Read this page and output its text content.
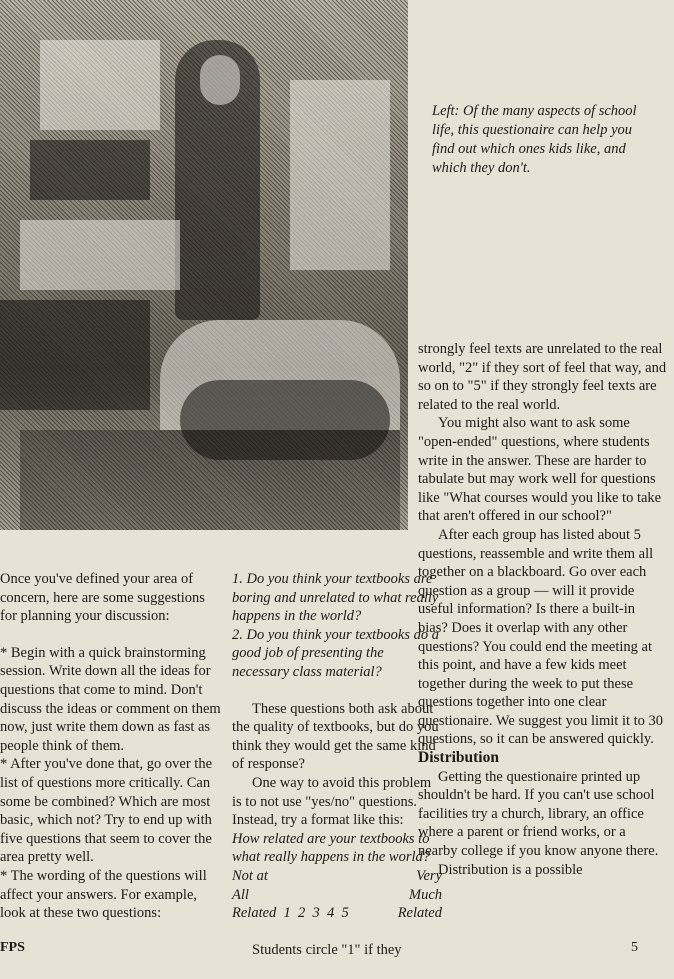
Left: Of the many aspects of school life, this questionaire can help you find out which ones kids like, and which they don't.

Once you've defined your area of concern, here are some suggestions for planning your discussion:

* Begin with a quick brainstorming session. Write down all the ideas for questions that come to mind. Don't discuss the ideas or comment on them now, just write them down as fast as people think of them.

* After you've done that, go over the list of questions more critically. Can some be combined? Which are most basic, which not? Try to end up with five questions that seem to cover the area pretty well.

* The wording of the questions will affect your answers. For example, look at these two questions:

1. Do you think your textbooks are boring and unrelated to what really happens in the world?

2. Do you think your textbooks do a good job of presenting the necessary class material?

These questions both ask about the quality of textbooks, but do you think they would get the same kind of response?

One way to avoid this problem is to not use "yes/no" questions. Instead, try a format like this:

How related are your textbooks to what really happens in the world?

Not at	Very
All	Much
Related  1  2  3  4  5	Related

Students circle "1" if they

strongly feel texts are unrelated to the real world, "2" if they sort of feel that way, and so on to "5" if they strongly feel texts are related to the real world.

You might also want to ask some "open-ended" questions, where students write in the answer. These are harder to tabulate but may work well for questions like "What courses would you like to take that aren't offered in our school?"

After each group has listed about 5 questions, reassemble and write them all together on a blackboard. Go over each question as a group — will it provide useful information? Is there a built-in bias? Does it overlap with any other questions? You could end the meeting at this point, and have a few kids meet together during the week to put these questions together into one clear questionaire. We suggest you limit it to 30 questions, so it can be answered quickly.

Distribution

Getting the questionaire printed up shouldn't be hard. If you can't use school facilities try a church, library, an office where a parent or friend works, or a nearby college if you know anyone there.

Distribution is a possible

FPS	5
